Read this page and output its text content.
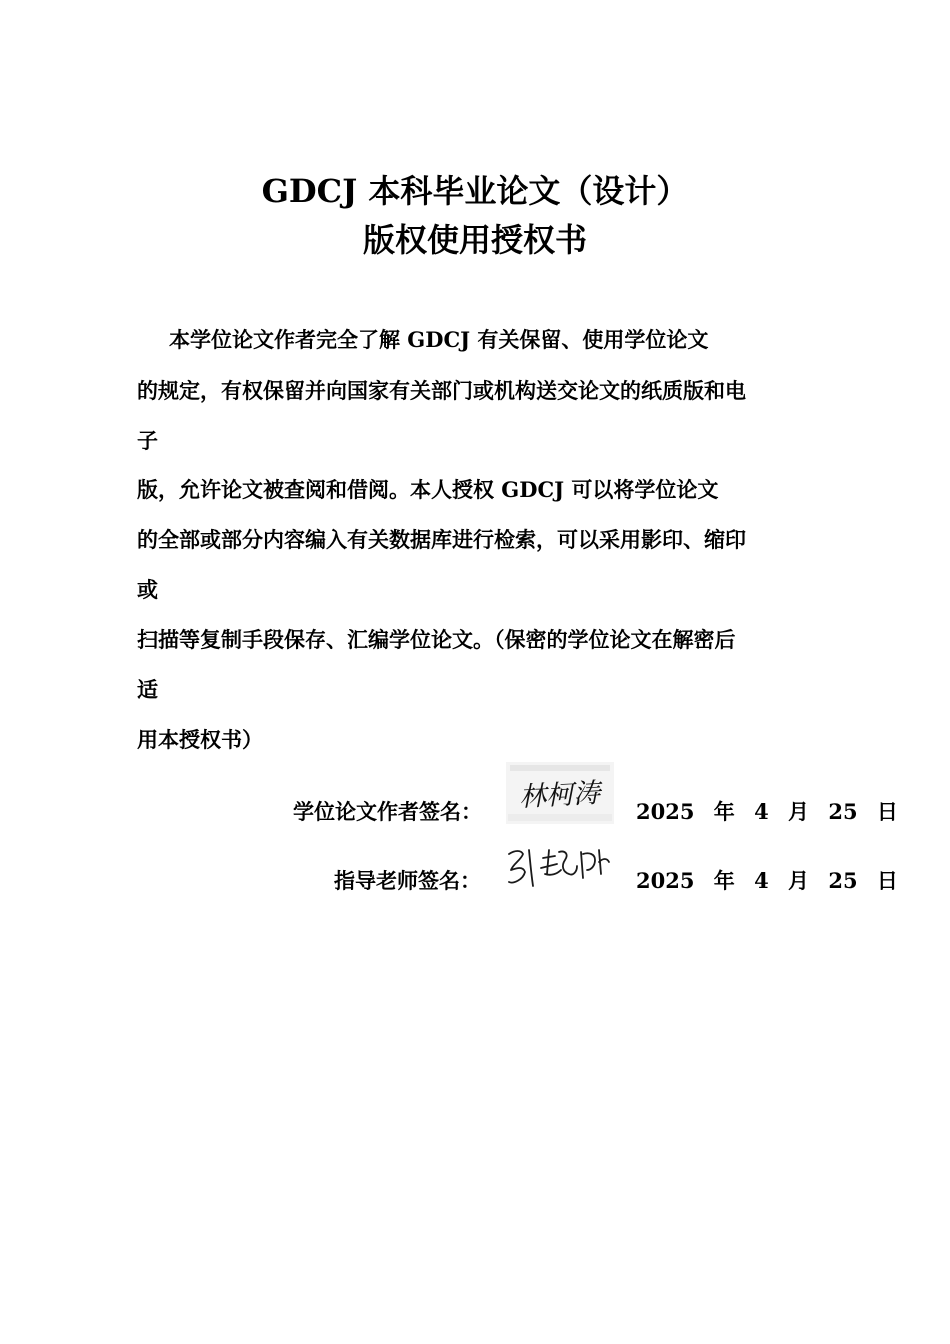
GDCJ 本科毕业论文（设计）
版权使用授权书
本学位论文作者完全了解 GDCJ 有关保留、使用学位论文
的规定，有权保留并向国家有关部门或机构送交论文的纸质版和电
子
版，允许论文被查阅和借阅。本人授权 GDCJ 可以将学位论文
的全部或部分内容编入有关数据库进行检索，可以采用影印、缩印
或
扫描等复制手段保存、汇编学位论文。（保密的学位论文在解密后
适
用本授权书）
学位论文作者签名： 林柯涛 2025 年 4 月 25 日
指导老师签名：	2025 年 4 月 25 日
